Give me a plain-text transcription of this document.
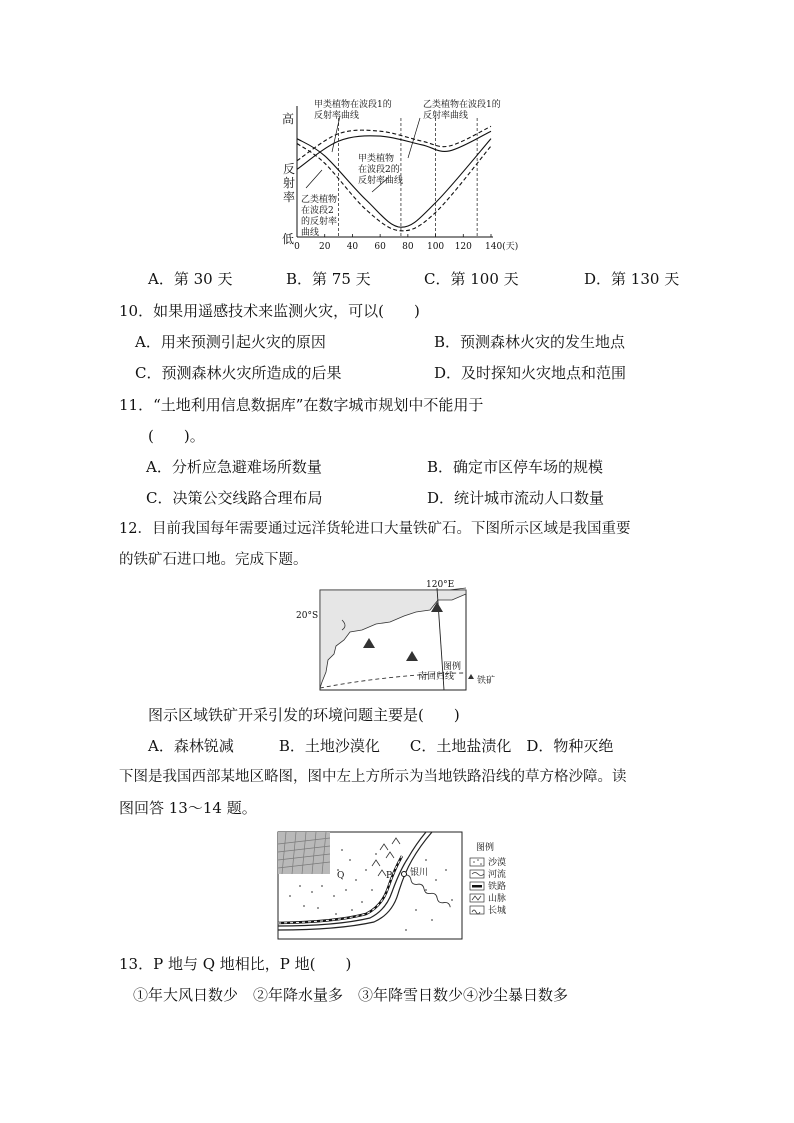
0 20 40 60 80 100 120 140(天)
高
反射率
低
甲类植物在波段1的
反射率曲线
乙类植物在波段1的
反射率曲线
甲类植物
在波段2的
反射率曲线
乙类植物
在波段2
的反射率
曲线
A．第 30 天	B．第 75 天	C．第 100 天	D．第 130 天
10．如果用遥感技术来监测火灾，可以(　　)
A．用来预测引起火灾的原因	B．预测森林火灾的发生地点
C．预测森林火灾所造成的后果	D．及时探知火灾地点和范围
11．“土地利用信息数据库”在数字城市规划中不能用于
(　　)。
A．分析应急避难场所数量	B．确定市区停车场的规模
C．决策公交线路合理布局	D．统计城市流动人口数量
12．目前我国每年需要通过远洋货轮进口大量铁矿石。下图所示区域是我国重要
的铁矿石进口地。完成下题。
120°E
20°S
南回归线
图例
铁矿
图示区域铁矿开采引发的环境问题主要是(　　)
A．森林锐减　　　B．土地沙漠化　　C．土地盐渍化　D．物种灭绝
下图是我国西部某地区略图，图中左上方所示为当地铁路沿线的草方格沙障。读
图回答 13～14 题。
Q	P 银川
图例
沙漠
河流
铁路
山脉
长城
13．P 地与 Q 地相比，P 地(　　)
①年大风日数少　②年降水量多　③年降雪日数少④沙尘暴日数多
